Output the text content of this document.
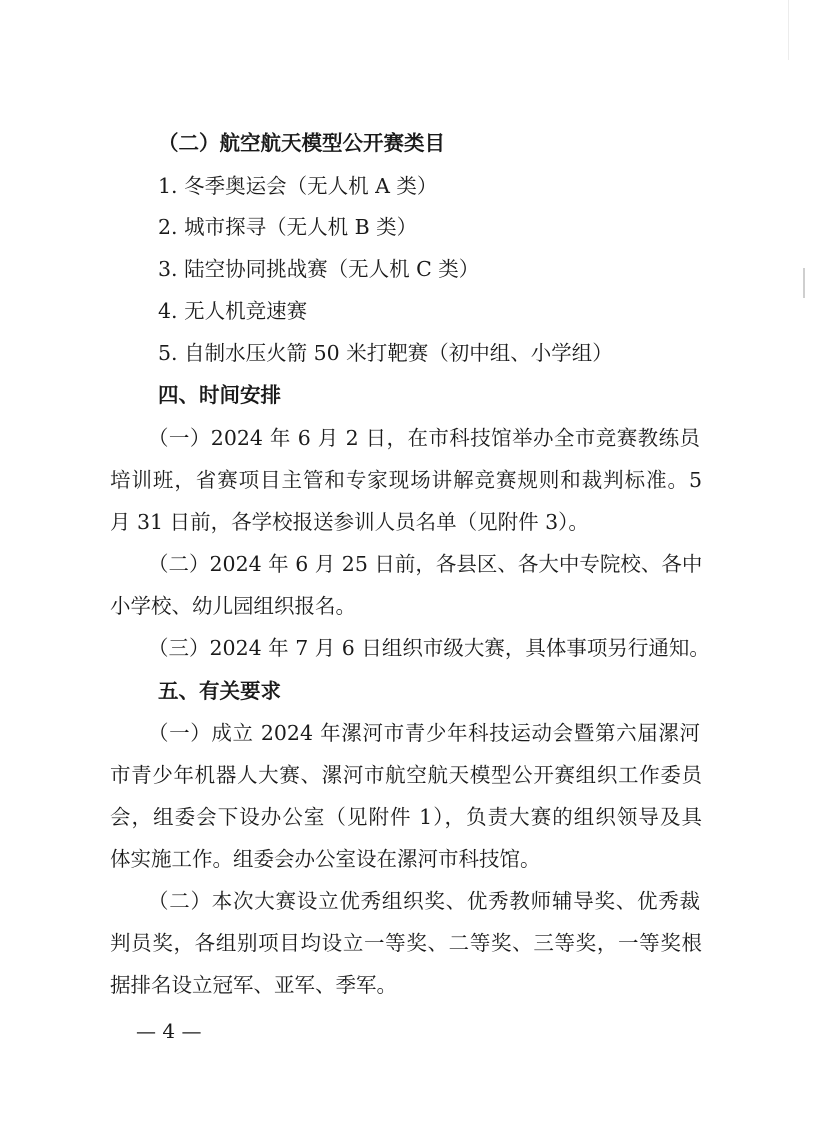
（二）航空航天模型公开赛类目
1. 冬季奥运会（无人机 A 类）
2. 城市探寻（无人机 B 类）
3. 陆空协同挑战赛（无人机 C 类）
4. 无人机竞速赛
5. 自制水压火箭 50 米打靶赛（初中组、小学组）
四、时间安排
（一）2024 年 6 月 2 日，在市科技馆举办全市竞赛教练员
培训班，省赛项目主管和专家现场讲解竞赛规则和裁判标准。5
月 31 日前，各学校报送参训人员名单（见附件 3）。
（二）2024 年 6 月 25 日前，各县区、各大中专院校、各中
小学校、幼儿园组织报名。
（三）2024 年 7 月 6 日组织市级大赛，具体事项另行通知。
五、有关要求
（一）成立 2024 年漯河市青少年科技运动会暨第六届漯河
市青少年机器人大赛、漯河市航空航天模型公开赛组织工作委员
会，组委会下设办公室（见附件 1），负责大赛的组织领导及具
体实施工作。组委会办公室设在漯河市科技馆。
（二）本次大赛设立优秀组织奖、优秀教师辅导奖、优秀裁
判员奖，各组别项目均设立一等奖、二等奖、三等奖，一等奖根
据排名设立冠军、亚军、季军。
— 4 —
